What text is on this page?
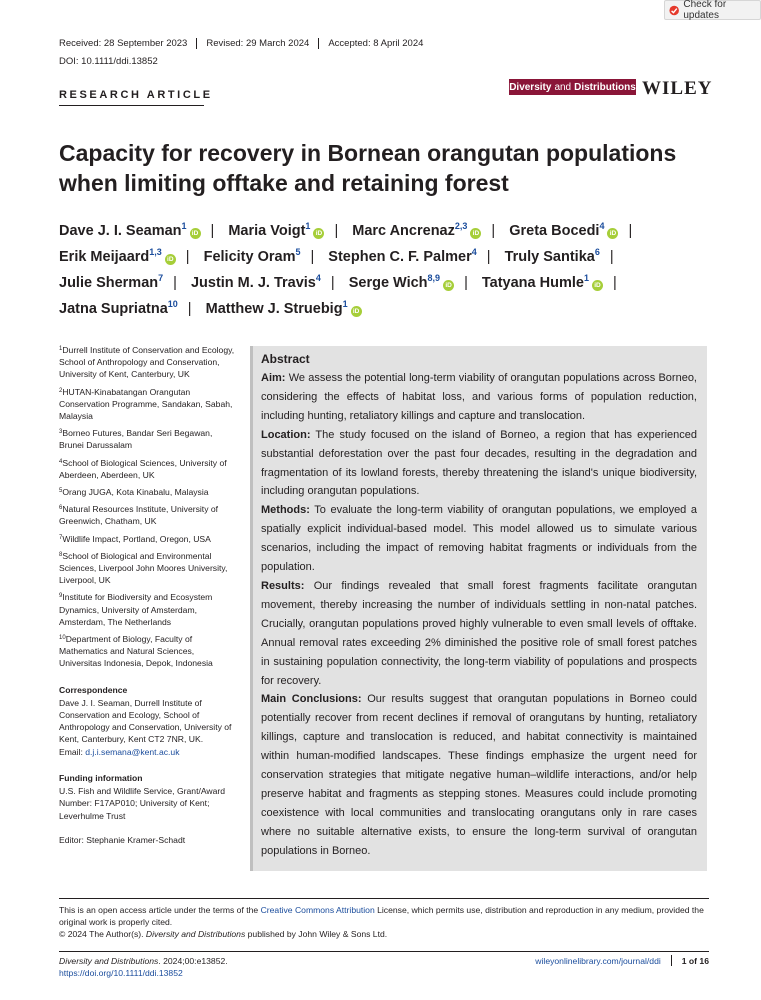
Check for updates
Received: 28 September 2023 Revised: 29 March 2024 Accepted: 8 April 2024
DOI: 10.1111/ddi.13852
RESEARCH ARTICLE
Diversity and Distributions WILEY
Capacity for recovery in Bornean orangutan populations when limiting offtake and retaining forest
Dave J. I. Seaman$^1$iD | Maria Voigt$^1$iD | Marc Ancrenaz$^{2,3}$iD | Greta Bocedi$^4$iD | Erik Meijaard$^{1,3}$iD | Felicity Oram$^5$ | Stephen C. F. Palmer$^4$ | Truly Santika$^6$ | Julie Sherman$^7$ | Justin M. J. Travis$^4$ | Serge Wich$^{8,9}$iD | Tatyana Humle$^1$iD | Jatna Supriatna$^{10}$ | Matthew J. Struebig$^1$iD
$^1$Durrell Institute of Conservation and Ecology, School of Anthropology and Conservation, University of Kent, Canterbury, UK
$^2$HUTAN-Kinabatangan Orangutan Conservation Programme, Sandakan, Sabah, Malaysia
$^3$Borneo Futures, Bandar Seri Begawan, Brunei Darussalam
$^4$School of Biological Sciences, University of Aberdeen, Aberdeen, UK
$^5$Orang JUGA, Kota Kinabalu, Malaysia
$^6$Natural Resources Institute, University of Greenwich, Chatham, UK
$^7$Wildlife Impact, Portland, Oregon, USA
$^8$School of Biological and Environmental Sciences, Liverpool John Moores University, Liverpool, UK
$^9$Institute for Biodiversity and Ecosystem Dynamics, University of Amsterdam, Amsterdam, The Netherlands
$^{10}$Department of Biology, Faculty of Mathematics and Natural Sciences, Universitas Indonesia, Depok, Indonesia
Correspondence
Dave J. I. Seaman, Durrell Institute of Conservation and Ecology, School of Anthropology and Conservation, University of Kent, Canterbury, Kent CT2 7NR, UK.
Email: d.j.i.semana@kent.ac.uk
Funding information
U.S. Fish and Wildlife Service, Grant/Award Number: F17AP010; University of Kent; Leverhulme Trust
Editor: Stephanie Kramer-Schadt
Abstract

Aim: We assess the potential long-term viability of orangutan populations across Borneo, considering the effects of habitat loss, and various forms of population reduction, including hunting, retaliatory killings and capture and translocation.

Location: The study focused on the island of Borneo, a region that has experienced substantial deforestation over the past four decades, resulting in the degradation and fragmentation of its lowland forests, thereby threatening the island's unique biodiversity, including orangutan populations.

Methods: To evaluate the long-term viability of orangutan populations, we employed a spatially explicit individual-based model. This model allowed us to simulate various scenarios, including the impact of removing habitat fragments or individuals from the population.

Results: Our findings revealed that small forest fragments facilitate orangutan movement, thereby increasing the number of individuals settling in non-natal patches. Crucially, orangutan populations proved highly vulnerable to even small levels of offtake. Annual removal rates exceeding 2% diminished the positive role of small forest patches in sustaining population connectivity, the long-term viability of populations and prospects for recovery.

Main Conclusions: Our results suggest that orangutan populations in Borneo could potentially recover from recent declines if removal of orangutans by hunting, retaliatory killings, capture and translocation is reduced, and habitat connectivity is maintained within human-modified landscapes. These findings emphasize the urgent need for conservation strategies that mitigate negative human–wildlife interactions, and/or help preserve habitat and fragments as stepping stones. Measures could include promoting coexistence with local communities and translocating orangutans only in rare cases where no suitable alternative exists, to ensure the long-term survival of orangutan populations in Borneo.

This is an open access article under the terms of the Creative Commons Attribution License, which permits use, distribution and reproduction in any medium, provided the original work is properly cited.
© 2024 The Author(s). Diversity and Distributions published by John Wiley & Sons Ltd.
Diversity and Distributions. 2024;00:e13852.
https://doi.org/10.1111/ddi.13852
wileyonlinelibrary.com/journal/ddi 1 of 16
